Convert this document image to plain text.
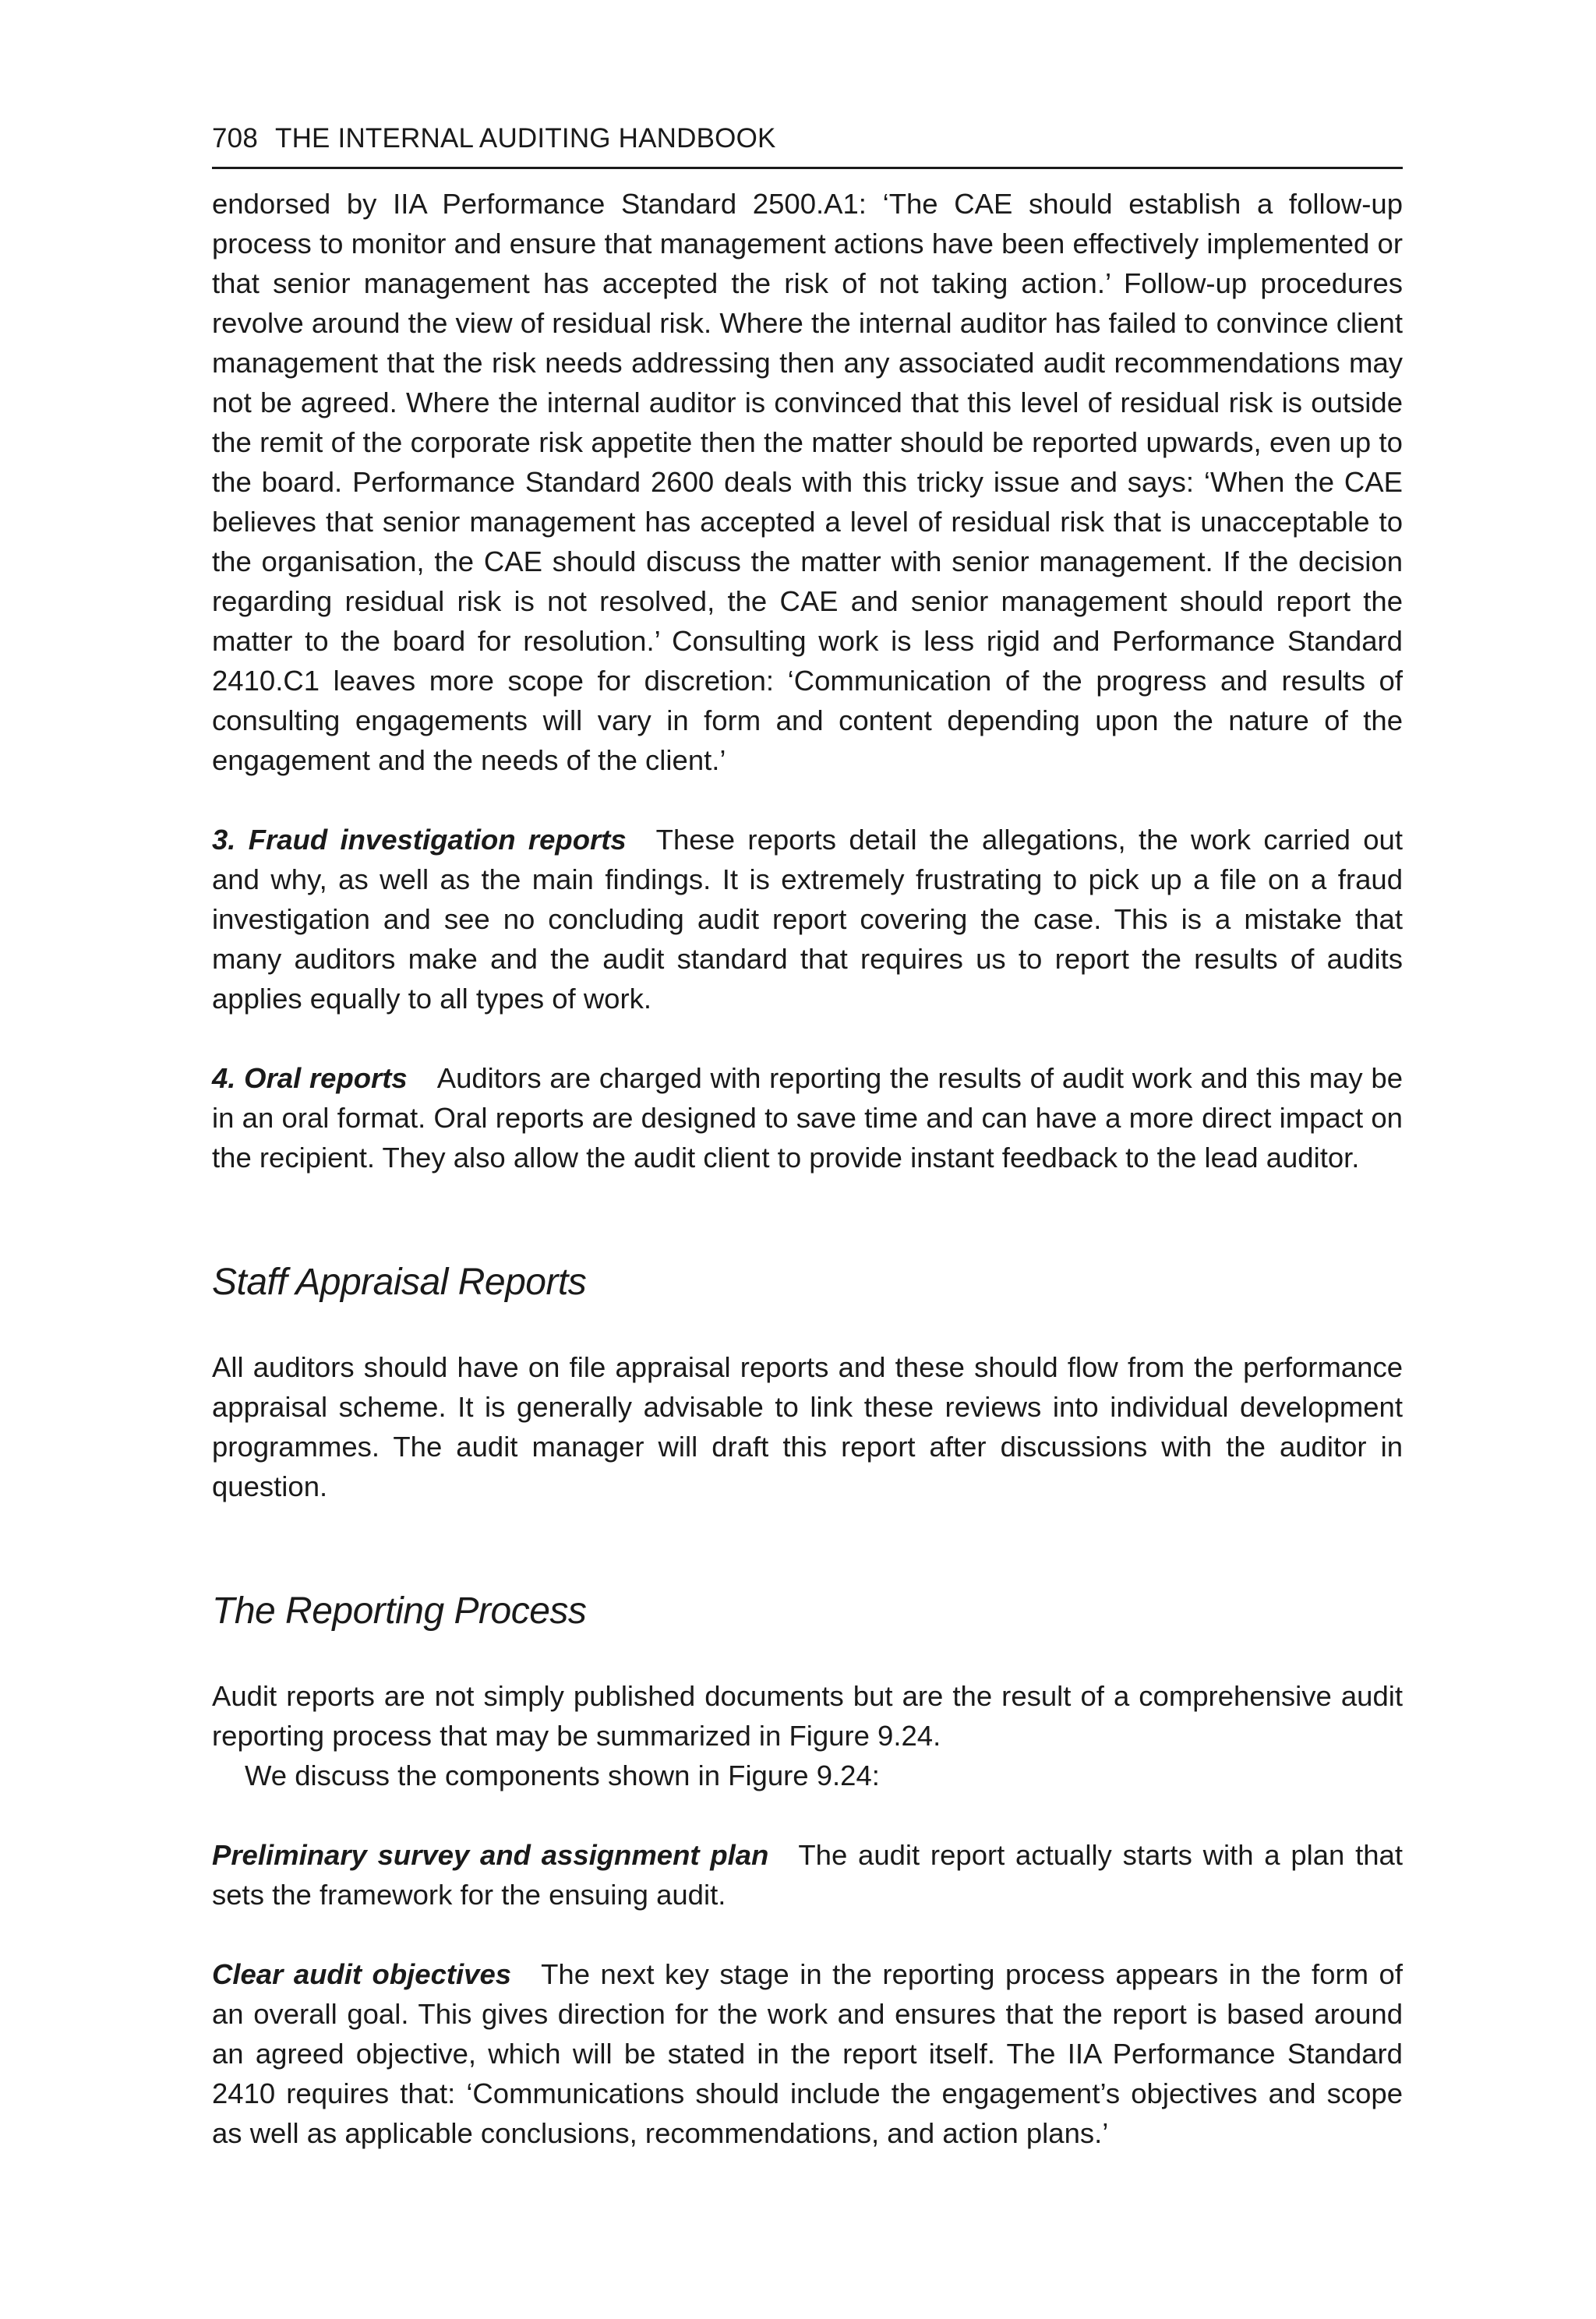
708 THE INTERNAL AUDITING HANDBOOK

endorsed by IIA Performance Standard 2500.A1: ‘The CAE should establish a follow-up process to monitor and ensure that management actions have been effectively implemented or that senior management has accepted the risk of not taking action.’ Follow-up procedures revolve around the view of residual risk. Where the internal auditor has failed to convince client management that the risk needs addressing then any associated audit recommendations may not be agreed. Where the internal auditor is convinced that this level of residual risk is outside the remit of the corporate risk appetite then the matter should be reported upwards, even up to the board. Performance Standard 2600 deals with this tricky issue and says: ‘When the CAE believes that senior management has accepted a level of residual risk that is unacceptable to the organisation, the CAE should discuss the matter with senior management. If the decision regarding residual risk is not resolved, the CAE and senior management should report the matter to the board for resolution.’ Consulting work is less rigid and Performance Standard 2410.C1 leaves more scope for discretion: ‘Communication of the progress and results of consulting engagements will vary in form and content depending upon the nature of the engagement and the needs of the client.’

3. Fraud investigation reports These reports detail the allegations, the work carried out and why, as well as the main findings. It is extremely frustrating to pick up a file on a fraud investigation and see no concluding audit report covering the case. This is a mistake that many auditors make and the audit standard that requires us to report the results of audits applies equally to all types of work.

4. Oral reports Auditors are charged with reporting the results of audit work and this may be in an oral format. Oral reports are designed to save time and can have a more direct impact on the recipient. They also allow the audit client to provide instant feedback to the lead auditor.

Staff Appraisal Reports

All auditors should have on file appraisal reports and these should flow from the performance appraisal scheme. It is generally advisable to link these reviews into individual development programmes. The audit manager will draft this report after discussions with the auditor in question.

The Reporting Process

Audit reports are not simply published documents but are the result of a comprehensive audit reporting process that may be summarized in Figure 9.24.

We discuss the components shown in Figure 9.24:

Preliminary survey and assignment plan The audit report actually starts with a plan that sets the framework for the ensuing audit.

Clear audit objectives The next key stage in the reporting process appears in the form of an overall goal. This gives direction for the work and ensures that the report is based around an agreed objective, which will be stated in the report itself. The IIA Performance Standard 2410 requires that: ‘Communications should include the engagement’s objectives and scope as well as applicable conclusions, recommendations, and action plans.’
